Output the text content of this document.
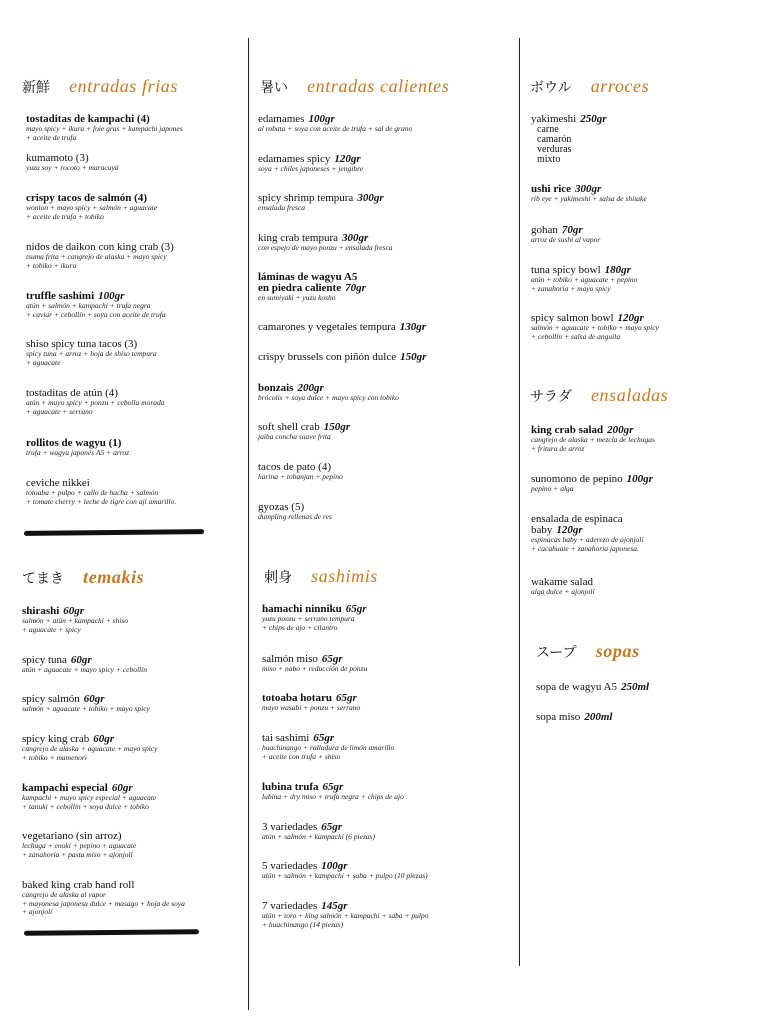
新鮮 entradas frias
tostaditas de kampachi (4)
mayo spicy + ikura + foie gras + kampachi japones
+ aceite de trufa
kumamoto (3)
yuzu soy + rocoto + maracuyá
crispy tacos de salmón (4)
wonton + mayo spicy + salmón + aguacate
+ aceite de trufa + tobiko
nidos de daikon con king crab (3)
tsuma frita + cangrejo de alaska + mayo spicy
+ tobiko + ikura
truffle sashimi 100gr
atún + salmón + kampachi + trufa negra
+ caviar + cebollín + soya con aceite de trufa
shiso spicy tuna tacos (3)
spicy tuna + arroz + hoja de shiso tempura
+ aguacate
tostaditas de atún (4)
atún + mayo spicy + ponzu + cebolla morada
+ aguacate + serrano
rollitos de wagyu (1)
trufa + wagyu japonés A5 + arroz
ceviche nikkei
totoaba + pulpo + callo de hacha + salmón
+ tomate cherry + leche de tigre con ají amarillo.
てまき temakis
shirashi 60gr
salmón + atún + kampachi + shiso
+ aguacate + spicy
spicy tuna 60gr
atún + aguacate + mayo spicy + cebollín
spicy salmón 60gr
salmón + aguacate + tobiko + mayo spicy
spicy king crab 60gr
cangrejo de alaska + aguacate + mayo spicy
+ tobiko + mamenori
kampachi especial 60gr
kampachi + mayo spicy especial + aguacate
+ tanuki + cebollín + soya dulce + tobiko
vegetariano (sin arroz)
lechuga + enoki + pepino + aguacate
+ zanahoria + pasta miso + ajonjolí
baked king crab hand roll
cangrejo de alaska al vapor
+ mayonesa japonesa dulce + masago + hoja de soya
+ ajonjolí
暑い entradas calientes
edamames 100gr
al robata + soya con aceite de trufa + sal de grano
edamames spicy 120gr
soya + chiles japoneses + jengibre
spicy shrimp tempura 300gr
ensalada fresca
king crab tempura 300gr
con espejo de mayo ponzu + ensalada fresca
láminas de wagyu A5
en piedra caliente 70gr
en sumiyaki + yuzu kosho
camarones y vegetales tempura 130gr
crispy brussels con piñón dulce 150gr
bonzais 200gr
brócolis + soya dulce + mayo spicy con tobiko
soft shell crab 150gr
jaiba concha suave frita
tacos de pato (4)
harina + tobanjan + pepino
gyozas (5)
dumpling rellenas de res
刺身 sashimis
hamachi ninniku 65gr
yuzu ponzu + serrano tempura
+ chips de ajo + cilantro
salmón miso 65gr
miso + nabo + reducción de ponzu
totoaba hotaru 65gr
mayo wasabi + ponzu + serrano
tai sashimi 65gr
huachinango + ralladura de limón amarillo
+ aceite con trufa + shiso
lubina trufa 65gr
lubina + dry miso + trufa negra + chips de ajo
3 variedades 65gr
atún + salmón + kampachi (6 piezas)
5 variedades 100gr
atún + salmón + kampachi + saba + pulpo (10 piezas)
7 variedades 145gr
atún + toro + king salmón + kampachi + saba + pulpo
+ huachinango (14 piezas)
ボウル arroces
yakimeshi 250gr
carne
camarón
verduras
mixto
ushi rice 300gr
rib eye + yakimeshi + salsa de shitake
gohan 70gr
arroz de sushi al vapor
tuna spicy bowl 180gr
atún + tobiko + aguacate + pepino
+ zanahoria + mayo spicy
spicy salmon bowl 120gr
salmón + aguacate + tobiko + mayo spicy
+ cebollín + salsa de anguila
サラダ ensaladas
king crab salad 200gr
cangrejo de alaska + mezcla de lechugas
+ fritura de arroz
sunomono de pepino 100gr
pepino + alga
ensalada de espinaca
baby 120gr
espinacas baby + aderezo de ajonjolí
+ cacahuate + zanahoria japonesa.
wakame salad
alga dulce + ajonjolí
スープ sopas
sopa de wagyu A5 250ml
sopa miso 200ml
